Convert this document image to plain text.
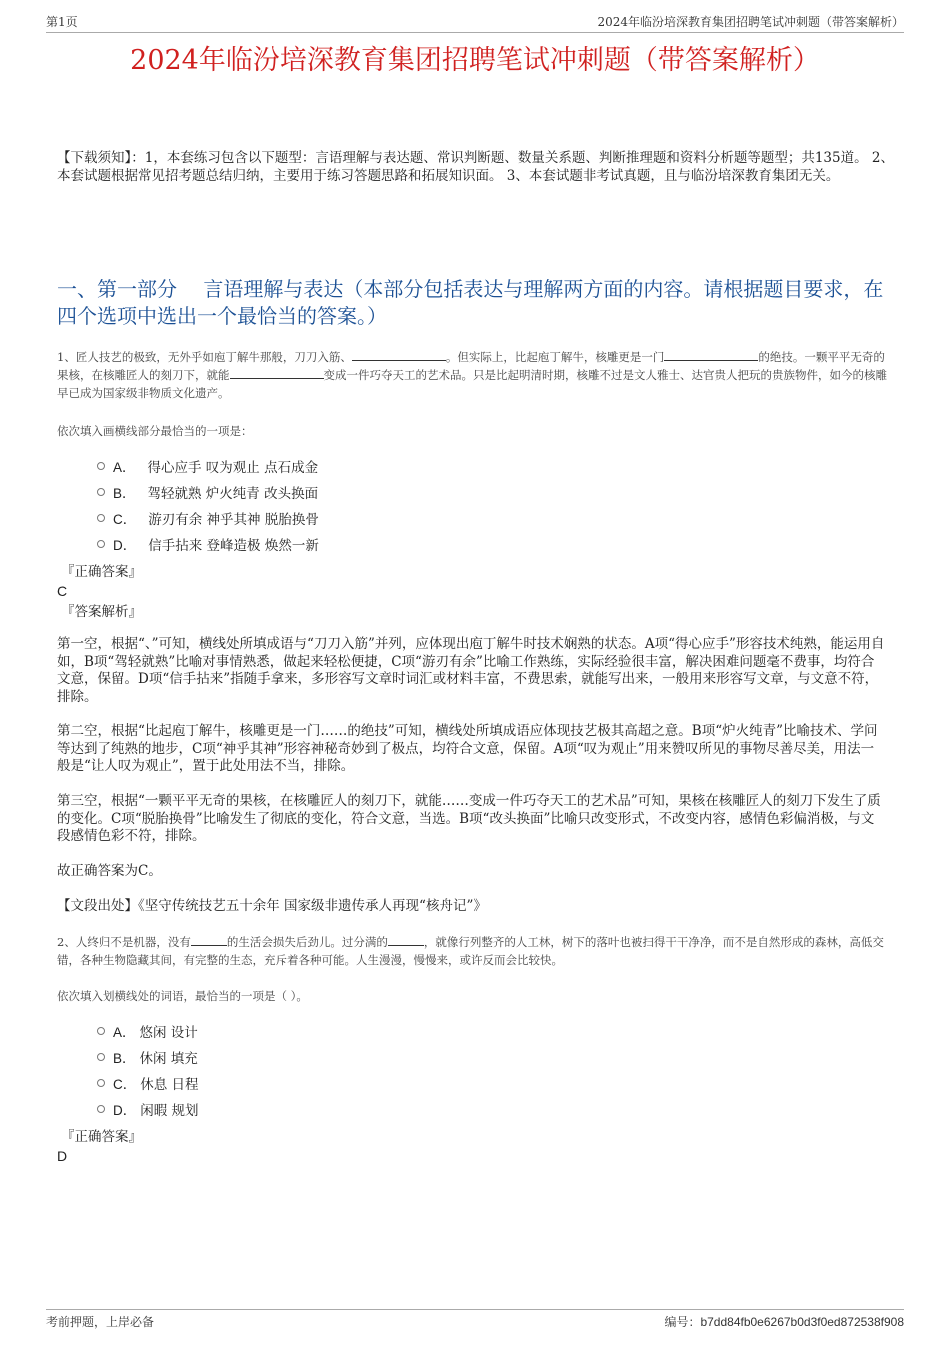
第1页	2024年临汾培深教育集团招聘笔试冲刺题（带答案解析）
2024年临汾培深教育集团招聘笔试冲刺题（带答案解析）
【下载须知】：1，本套练习包含以下题型：言语理解与表达题、常识判断题、数量关系题、判断推理题和资料分析题等题型；共135道。 2、本套试题根据常见招考题总结归纳，主要用于练习答题思路和拓展知识面。 3、本套试题非考试真题，且与临汾培深教育集团无关。
一、第一部分　 言语理解与表达（本部分包括表达与理解两方面的内容。请根据题目要求，在四个选项中选出一个最恰当的答案。）
1、匠人技艺的极致，无外乎如庖丁解牛那般，刀刀入筋、	。但实际上，比起庖丁解牛，核雕更是一门	的绝技。一颗平平无奇的果核，在核雕匠人的刻刀下，就能	变成一件巧夺天工的艺术品。只是比起明清时期，核雕不过是文人雅士、达官贵人把玩的贵族物件，如今的核雕早已成为国家级非物质文化遗产。
依次填入画横线部分最恰当的一项是：
A． 得心应手 叹为观止 点石成金
B． 驾轻就熟 炉火纯青 改头换面
C． 游刃有余 神乎其神 脱胎换骨
D． 信手拈来 登峰造极 焕然一新
『正确答案』
C
『答案解析』
第一空，根据“、”可知，横线处所填成语与“刀刀入筋”并列，应体现出庖丁解牛时技术娴熟的状态。A项“得心应手”形容技术纯熟，能运用自如，B项“驾轻就熟”比喻对事情熟悉，做起来轻松便捷，C项“游刃有余”比喻工作熟练，实际经验很丰富，解决困难问题毫不费事，均符合文意，保留。D项“信手拈来”指随手拿来，多形容写文章时词汇或材料丰富，不费思索，就能写出来，一般用来形容写文章，与文意不符，排除。
第二空，根据“比起庖丁解牛，核雕更是一门……的绝技”可知，横线处所填成语应体现技艺极其高超之意。B项“炉火纯青”比喻技术、学问等达到了纯熟的地步，C项“神乎其神”形容神秘奇妙到了极点，均符合文意，保留。A项“叹为观止”用来赞叹所见的事物尽善尽美，用法一般是“让人叹为观止”，置于此处用法不当，排除。
第三空，根据“一颗平平无奇的果核，在核雕匠人的刻刀下，就能……变成一件巧夺天工的艺术品”可知，果核在核雕匠人的刻刀下发生了质的变化。C项“脱胎换骨”比喻发生了彻底的变化，符合文意，当选。B项“改头换面”比喻只改变形式，不改变内容，感情色彩偏消极，与文段感情色彩不符，排除。
故正确答案为C。
【文段出处】《坚守传统技艺五十余年 国家级非遗传承人再现“核舟记”》
2、人终归不是机器，没有	的生活会损失后劲儿。过分满的	，就像行列整齐的人工林，树下的落叶也被扫得干干净净，而不是自然形成的森林，高低交错，各种生物隐藏其间，有完整的生态，充斥着各种可能。人生漫漫，慢慢来，或许反而会比较快。
依次填入划横线处的词语，最恰当的一项是（ ）。
A． 悠闲 设计
B． 休闲 填充
C． 休息 日程
D． 闲暇 规划
『正确答案』
D
考前押题，上岸必备	编号：b7dd84fb0e6267b0d3f0ed872538f908
